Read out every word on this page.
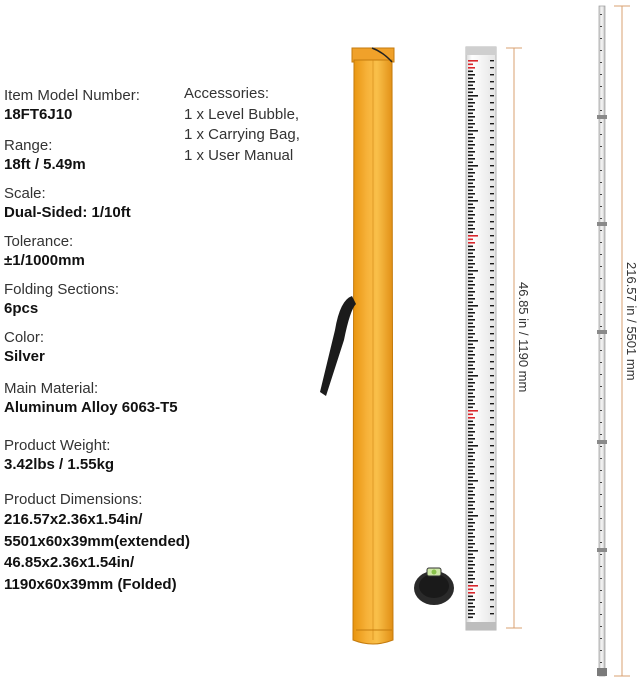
Item Model Number:
18FT6J10
Range:
18ft / 5.49m
Scale:
Dual-Sided: 1/10ft
Tolerance:
±1/1000mm
Folding Sections:
6pcs
Color:
Silver
Main Material:
Aluminum Alloy 6063-T5
Product Weight:
3.42lbs / 1.55kg
Product Dimensions:
216.57x2.36x1.54in/
5501x60x39mm(extended)
46.85x2.36x1.54in/
1190x60x39mm (Folded)
Accessories:
1 x Level Bubble,
1 x Carrying Bag,
1 x User Manual
46.85 in / 1190 mm	216.57 in / 5501 mm
